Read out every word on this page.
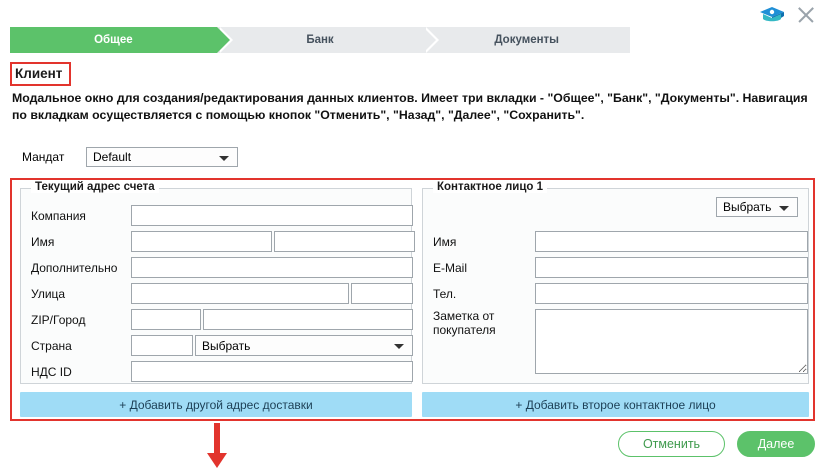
Общее	Банк	Документы
Клиент
Модальное окно для создания/редактирования данных клиентов. Имеет три вкладки - "Общее", "Банк", "Документы". Навигация по вкладкам осуществляется с помощью кнопок "Отменить", "Назад", "Далее", "Сохранить".
Мандат	Default
Текущий адрес счета
Компания
Имя
Дополнительно
Улица
ZIP/Город
Страна	Выбрать
НДС ID
Контактное лицо 1
Выбрать
Имя
E-Mail
Тел.
Заметка от покупателя
+ Добавить другой адрес доставки	+ Добавить второе контактное лицо
Отменить	Далее
